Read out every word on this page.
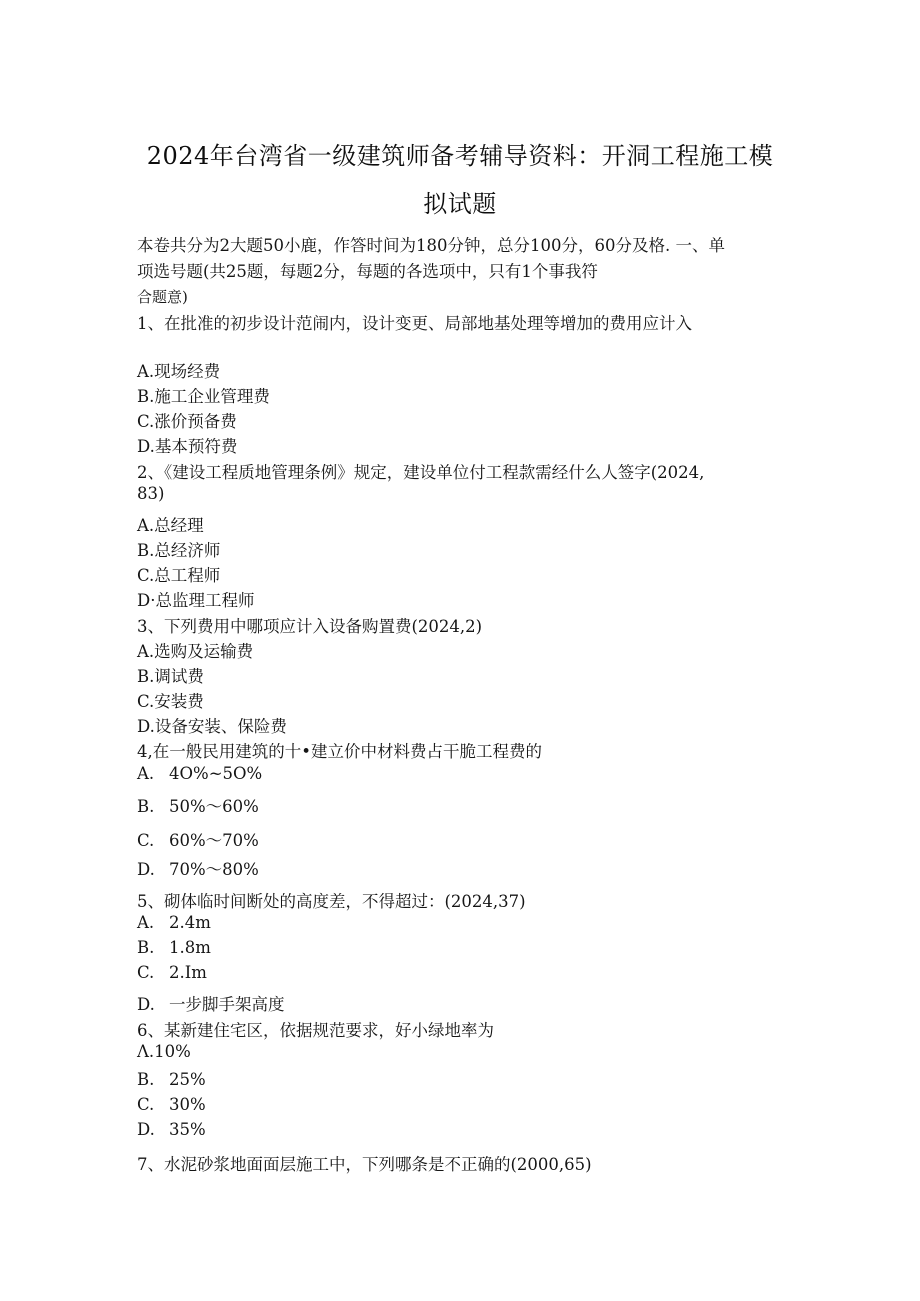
2024年台湾省一级建筑师备考辅导资料：开洞工程施工模
拟试题
本卷共分为2大题50小鹿，作答时间为180分钟，总分100分，60分及格. 一、单
项选号题(共25题，每题2分，每题的各选项中，只有1个事我符
合题意)
1、在批准的初步设计范闹内，设计变更、局部地基处理等增加的费用应计入
A.现场经费
B.施工企业管理费
C.涨价预备费
D.基本预符费
2、《建设工程质地管理条例》规定，建设单位付工程款需经什么人签字(2024,
83)
A.总经理
B.总经济师
C.总工程师
D·总监理工程师
3、下列费用中哪项应计入设备购置费(2024,2)
A.选购及运输费
B.调试费
C.安装费
D.设备安装、保险费
4,在一般民用建筑的十•建立价中材料费占干脆工程费的
A. 4O%~5O%
B. 50%～60%
C. 60%～70%
D. 70%～80%
5、砌体临时间断处的高度差，不得超过：(2024,37)
A. 2.4m
B. 1.8m
C. 2.Im
D. 一步脚手架高度
6、某新建住宅区，依据规范要求，好小绿地率为
Λ.10%
B. 25%
C. 30%
D. 35%
7、水泥砂浆地面面层施工中，下列哪条是不正确的(2000,65)
